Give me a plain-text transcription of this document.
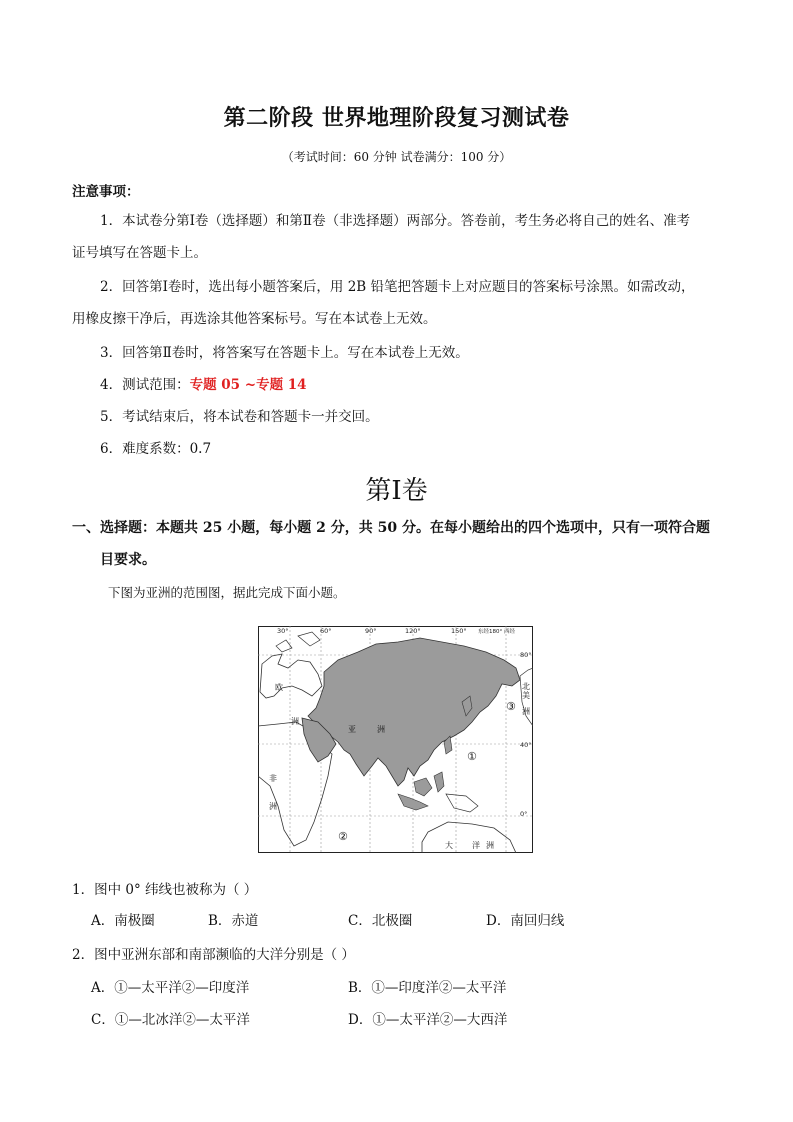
第二阶段 世界地理阶段复习测试卷
（考试时间：60 分钟 试卷满分：100 分）
注意事项：
1．本试卷分第Ⅰ卷（选择题）和第Ⅱ卷（非选择题）两部分。答卷前，考生务必将自己的姓名、准考
证号填写在答题卡上。
2．回答第Ⅰ卷时，选出每小题答案后，用 2B 铅笔把答题卡上对应题目的答案标号涂黑。如需改动，
用橡皮擦干净后，再选涂其他答案标号。写在本试卷上无效。
3．回答第Ⅱ卷时，将答案写在答题卡上。写在本试卷上无效。
4．测试范围：专题 05 ~专题 14
5．考试结束后，将本试卷和答题卡一并交回。
6．难度系数：0.7
第Ⅰ卷
一、选择题：本题共 25 小题，每小题 2 分，共 50 分。在每小题给出的四个选项中，只有一项符合题
目要求。
下图为亚洲的范围图，据此完成下面小题。
30°	60°	90°	120°	150° 东经180° 西经
80°
40°
0°
欧
洲
亚	洲
非
洲
北
美
洲
大 洋 洲
①
②
③
1．图中 0° 纬线也被称为（ ）
A．南极圈	B．赤道	C．北极圈	D．南回归线
2．图中亚洲东部和南部濒临的大洋分别是（ ）
A．①—太平洋②—印度洋	B．①—印度洋②—太平洋
C．①—北冰洋②—太平洋	D．①—太平洋②—大西洋
